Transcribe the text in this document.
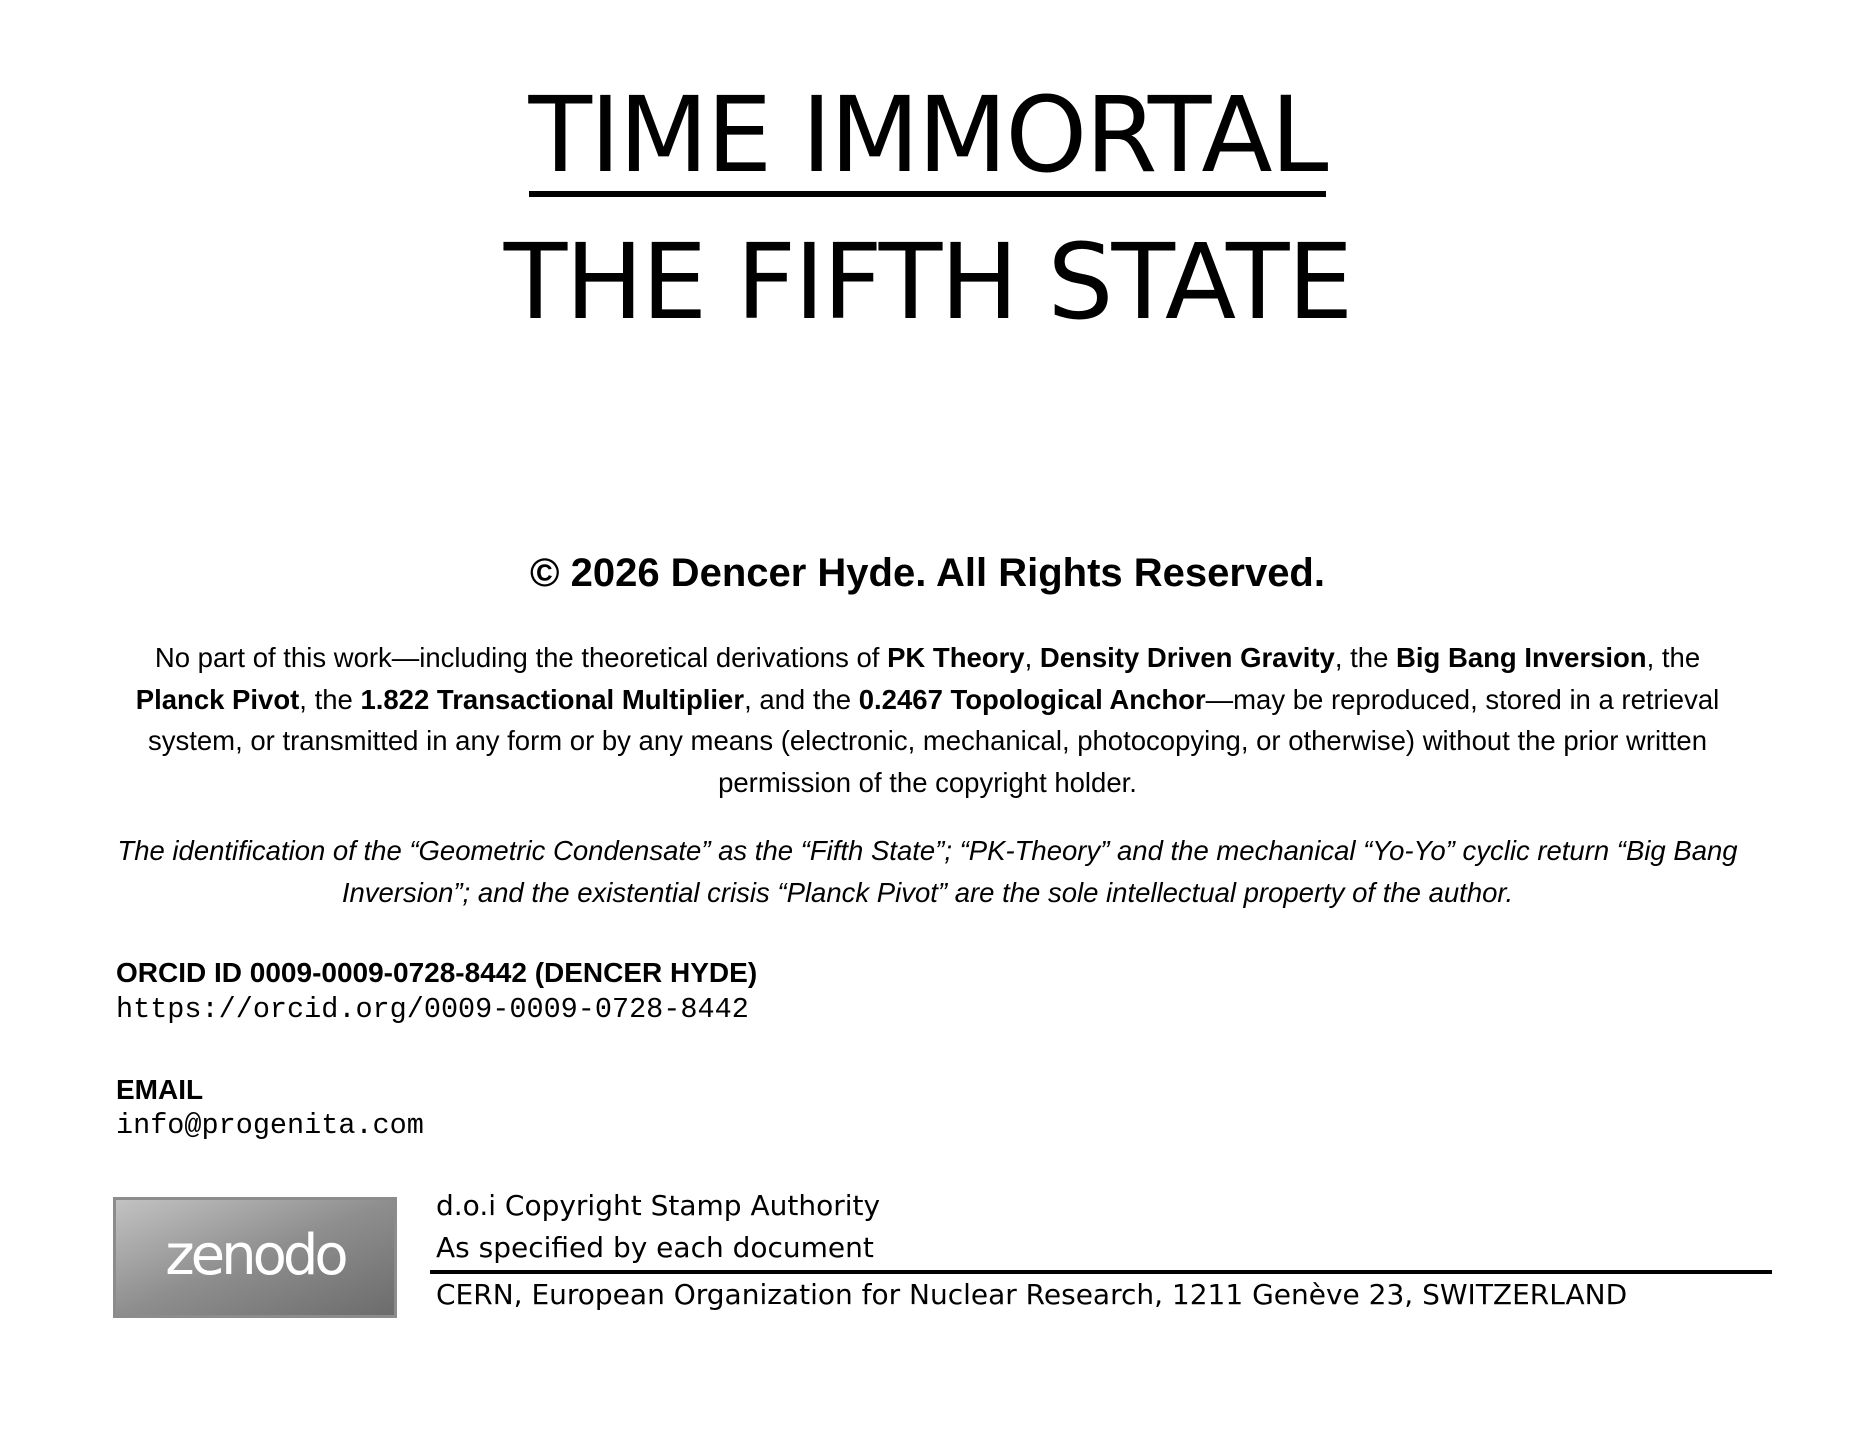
TIME IMMORTAL
THE FIFTH STATE
© 2026 Dencer Hyde. All Rights Reserved.
No part of this work—including the theoretical derivations of PK Theory, Density Driven Gravity, the Big Bang Inversion, the Planck Pivot, the 1.822 Transactional Multiplier, and the 0.2467 Topological Anchor—may be reproduced, stored in a retrieval system, or transmitted in any form or by any means (electronic, mechanical, photocopying, or otherwise) without the prior written permission of the copyright holder.
The identification of the “Geometric Condensate” as the “Fifth State”; “PK-Theory” and the mechanical “Yo-Yo” cyclic return “Big Bang Inversion”; and the existential crisis “Planck Pivot” are the sole intellectual property of the author.
ORCID ID 0009-0009-0728-8442 (DENCER HYDE)
https://orcid.org/0009-0009-0728-8442
EMAIL
info@progenita.com
zenodo
d.o.i Copyright Stamp Authority
As specified by each document
CERN, European Organization for Nuclear Research, 1211 Genève 23, SWITZERLAND
